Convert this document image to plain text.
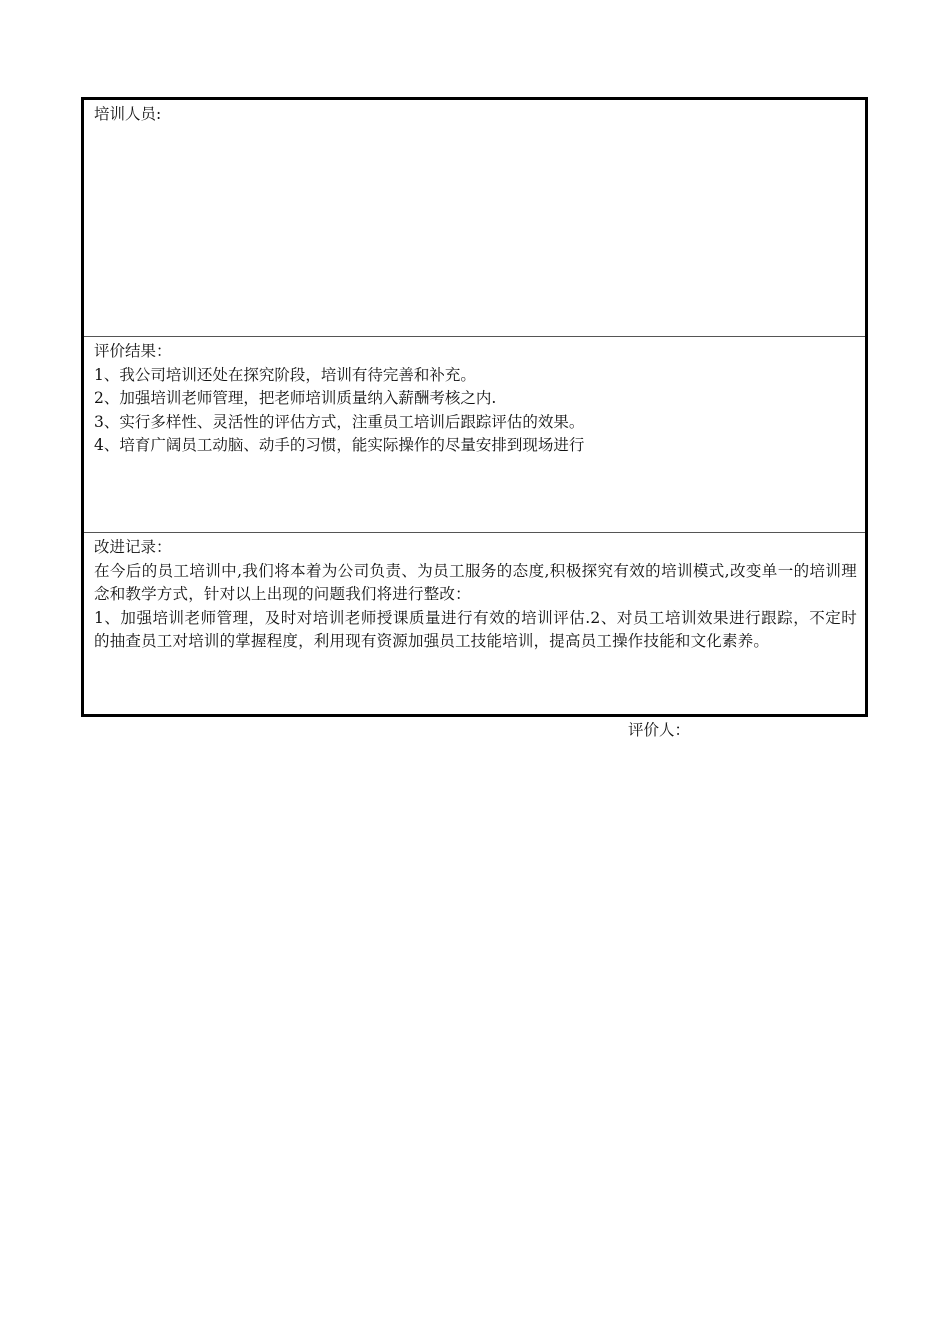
培训人员:
评价结果：
1、我公司培训还处在探究阶段，培训有待完善和补充。
2、加强培训老师管理，把老师培训质量纳入薪酬考核之内.
3、实行多样性、灵活性的评估方式，注重员工培训后跟踪评估的效果。
4、培育广阔员工动脑、动手的习惯，能实际操作的尽量安排到现场进行
改进记录：
在今后的员工培训中,我们将本着为公司负责、为员工服务的态度,积极探究有效的培训模式,改变单一的培训理念和教学方式，针对以上出现的问题我们将进行整改：
1、加强培训老师管理，及时对培训老师授课质量进行有效的培训评估.2、对员工培训效果进行跟踪，不定时的抽查员工对培训的掌握程度，利用现有资源加强员工技能培训，提高员工操作技能和文化素养。
评价人：
